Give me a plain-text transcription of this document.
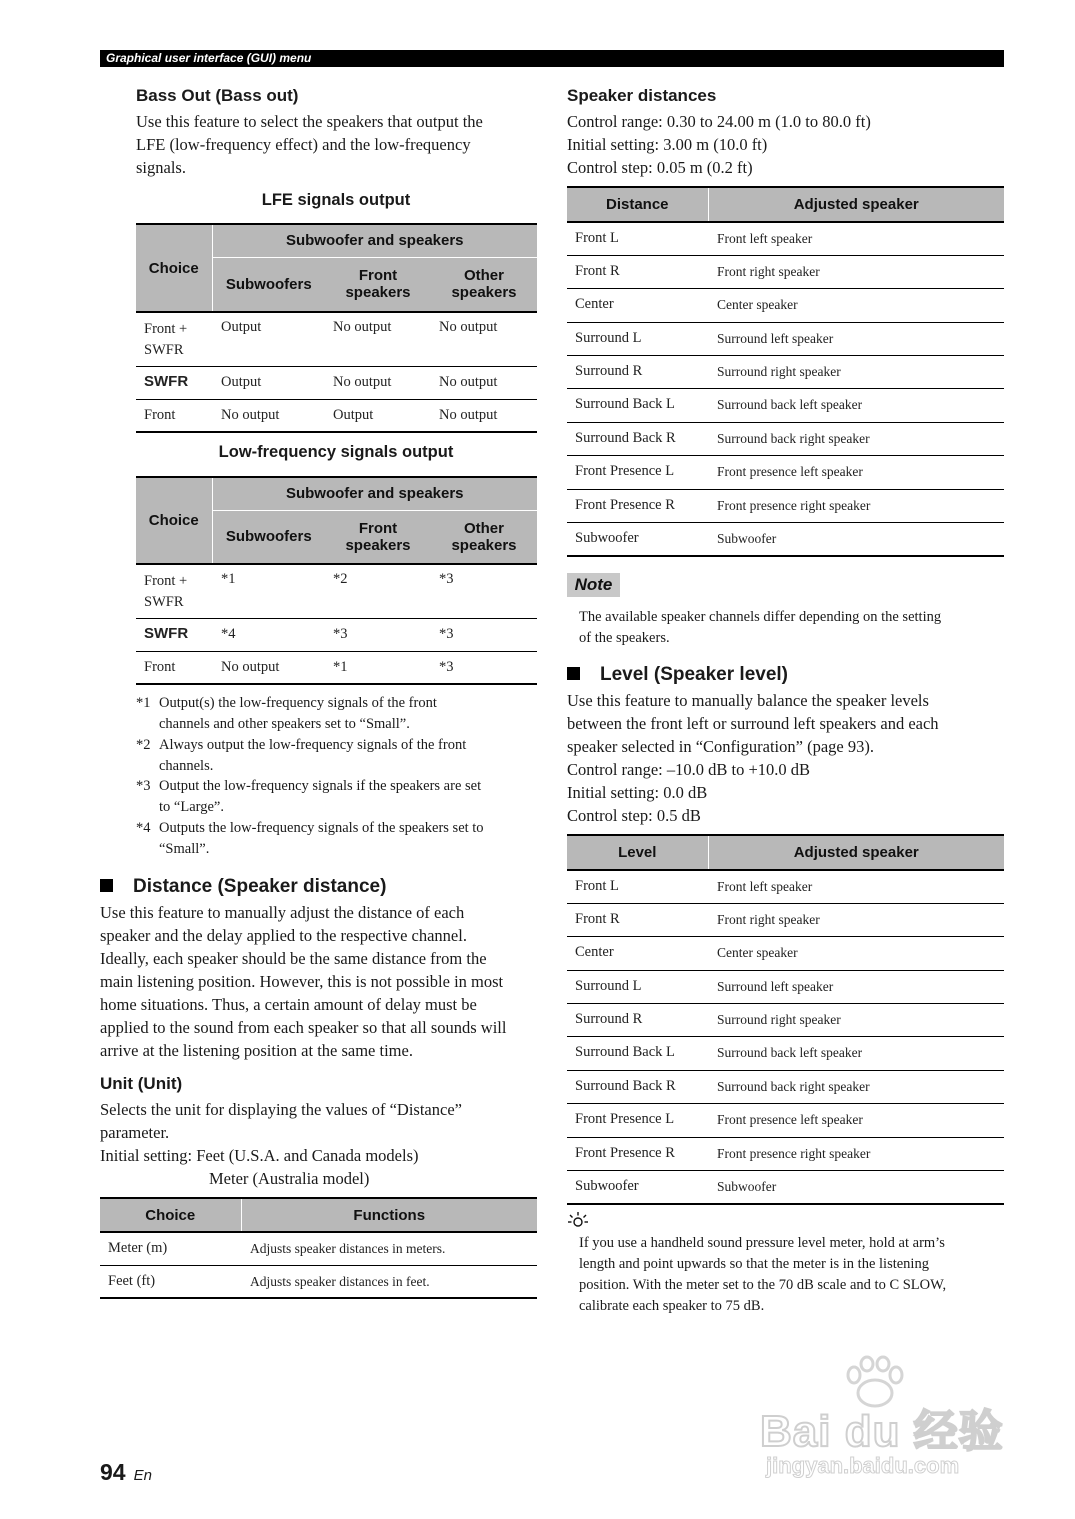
Graphical user interface (GUI) menu
Bass Out (Bass out)
Use this feature to select the speakers that output the
LFE (low-frequency effect) and the low-frequency
signals.
LFE signals output
Choice	Subwoofer and speakers		
	Subwoofers	Front speakers	Other speakers
Front + SWFR	Output	No output	No output
SWFR	Output	No output	No output
Front	No output	Output	No output
Low-frequency signals output
Choice	Subwoofer and speakers		
	Subwoofers	Front speakers	Other speakers
Front + SWFR	*1	*2	*3
SWFR	*4	*3	*3
Front	No output	*1	*3
*1 Output(s) the low-frequency signals of the front
channels and other speakers set to “Small”.
*2 Always output the low-frequency signals of the front
channels.
*3 Output the low-frequency signals if the speakers are set
to “Large”.
*4 Outputs the low-frequency signals of the speakers set to
“Small”.
Distance (Speaker distance)
Use this feature to manually adjust the distance of each
speaker and the delay applied to the respective channel.
Ideally, each speaker should be the same distance from the
main listening position. However, this is not possible in most
home situations. Thus, a certain amount of delay must be
applied to the sound from each speaker so that all sounds will
arrive at the listening position at the same time.
Unit (Unit)
Selects the unit for displaying the values of “Distance”
parameter.
Initial setting: Feet (U.S.A. and Canada models)
Meter (Australia model)
Choice	Functions
Meter (m)	Adjusts speaker distances in meters.
Feet (ft)	Adjusts speaker distances in feet.
Speaker distances
Control range: 0.30 to 24.00 m (1.0 to 80.0 ft)
Initial setting: 3.00 m (10.0 ft)
Control step: 0.05 m (0.2 ft)
Distance	Adjusted speaker
Front L	Front left speaker
Front R	Front right speaker
Center	Center speaker
Surround L	Surround left speaker
Surround R	Surround right speaker
Surround Back L	Surround back left speaker
Surround Back R	Surround back right speaker
Front Presence L	Front presence left speaker
Front Presence R	Front presence right speaker
Subwoofer	Subwoofer
Note
The available speaker channels differ depending on the setting
of the speakers.
Level (Speaker level)
Use this feature to manually balance the speaker levels
between the front left or surround left speakers and each
speaker selected in “Configuration” (page 93).
Control range: –10.0 dB to +10.0 dB
Initial setting: 0.0 dB
Control step: 0.5 dB
Level	Adjusted speaker
Front L	Front left speaker
Front R	Front right speaker
Center	Center speaker
Surround L	Surround left speaker
Surround R	Surround right speaker
Surround Back L	Surround back left speaker
Surround Back R	Surround back right speaker
Front Presence L	Front presence left speaker
Front Presence R	Front presence right speaker
Subwoofer	Subwoofer
If you use a handheld sound pressure level meter, hold at arm’s
length and point upwards so that the meter is in the listening
position. With the meter set to the 70 dB scale and to C SLOW,
calibrate each speaker to 75 dB.
Bai du 经验
jingyan.baidu.com
94 En
